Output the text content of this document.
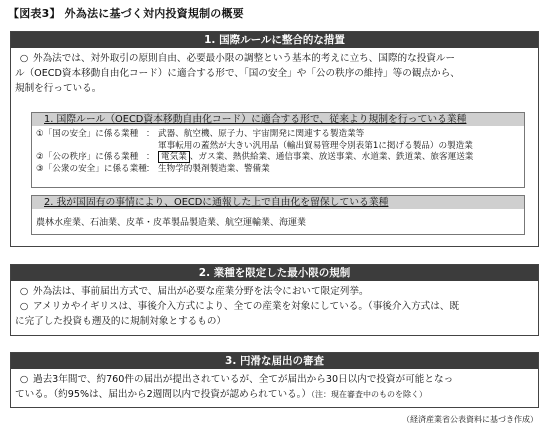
【図表3】 外為法に基づく対内投資規制の概要
1. 国際ルールに整合的な措置

○ 外為法では、対外取引の原則自由、必要最小限の調整という基本的考えに立ち、国際的な投資ルー

ル（OECD資本移動自由化コード）に適合する形で、「国の安全」や「公の秩序の維持」等の観点から、

規制を行っている。

1. 国際ルール（OECD資本移動自由化コード）に適合する形で、従来より規制を行っている業種
①「国の安全」に係る業種 ： 武器、航空機、原子力、宇宙開発に関連する製造業等
軍事転用の蓋然が大きい汎用品（輸出貿易管理令別表第1に掲げる製品）の製造業
②「公の秩序」に係る業種 ： 電気業 、ガス業、熱供給業、通信事業、放送事業、水道業、鉄道業、旅客運送業
③「公衆の安全」に係る業種 ： 生物学的製剤製造業、警備業
2. 我が国固有の事情により、OECDに通報した上で自由化を留保している業種
農林水産業、石油業、皮革・皮革製品製造業、航空運輸業、海運業
2. 業種を限定した最小限の規制

○ 外為法は、事前届出方式で、届出が必要な産業分野を法令において限定列挙。

○ アメリカやイギリスは、事後介入方式により、全ての産業を対象にしている。（事後介入方式は、既

に完了した投資も遡及的に規制対象とするもの）

3. 円滑な届出の審査

○ 過去3年間で、約760件の届出が提出されているが、全てが届出から30日以内で投資が可能となっ

ている。（約95%は、届出から2週間以内で投資が認められている。）（注：現在審査中のものを除く）

（経済産業省公表資料に基づき作成）
